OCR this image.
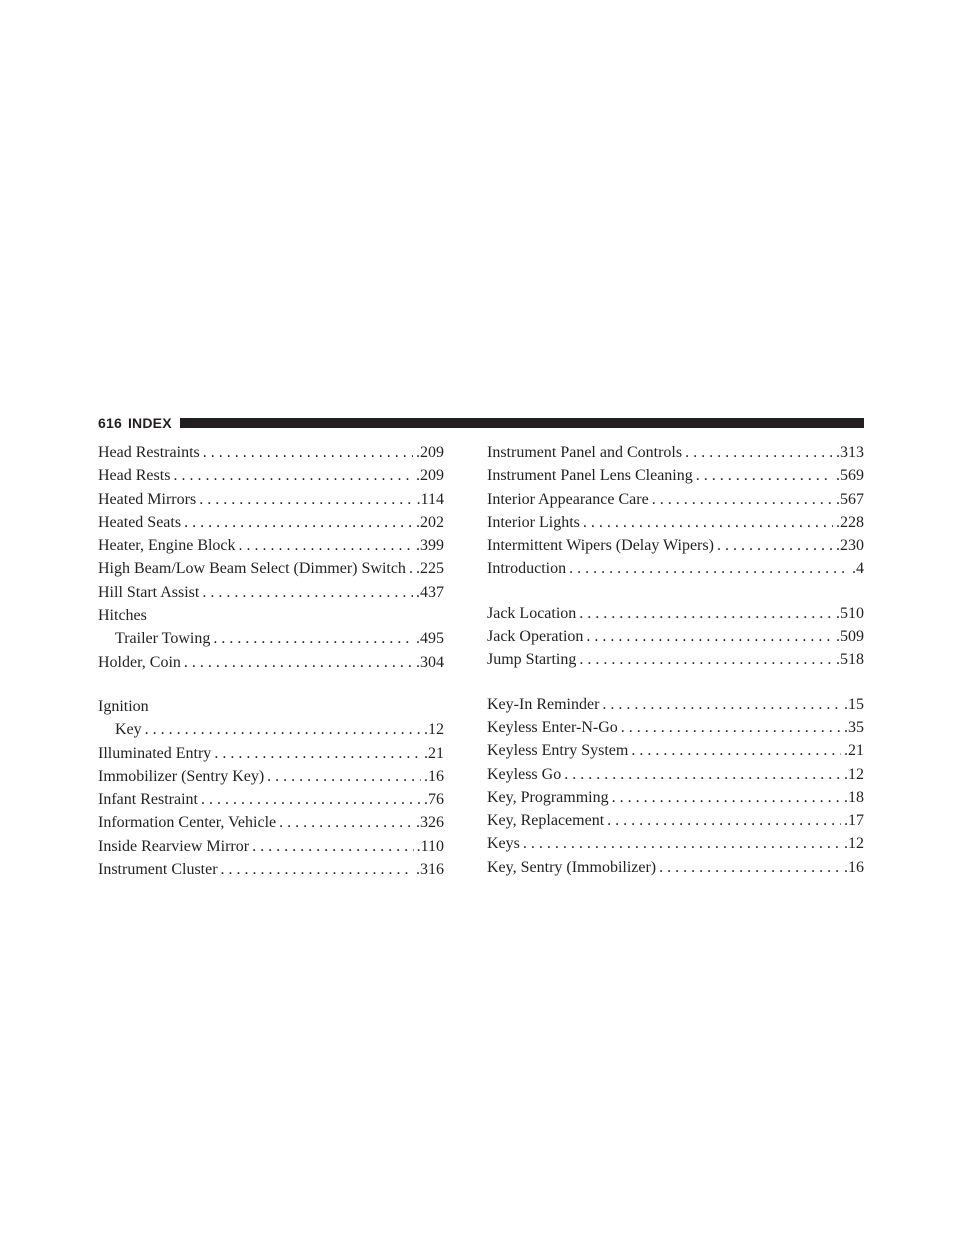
616 INDEX
Head Restraints . . .	.209
Head Rests . . .	.209
Heated Mirrors . . .	.114
Heated Seats . . .	.202
Heater, Engine Block . . .	.399
High Beam/Low Beam Select (Dimmer) Switch . . . .225
Hill Start Assist . . .	.437
Hitches
Trailer Towing . . .	.495
Holder, Coin . . .	.304
Ignition
Key . . .	.12
Illuminated Entry . . .	.21
Immobilizer (Sentry Key) . . .	.16
Infant Restraint . . .	.76
Information Center, Vehicle . . .	.326
Inside Rearview Mirror . . .	.110
Instrument Cluster . . .	.316
Instrument Panel and Controls . . .	.313
Instrument Panel Lens Cleaning . . .	.569
Interior Appearance Care . . .	.567
Interior Lights . . .	.228
Intermittent Wipers (Delay Wipers) . . .	.230
Introduction . . .	.4
Jack Location . . .	.510
Jack Operation . . .	.509
Jump Starting . . .	.518
Key-In Reminder . . .	.15
Keyless Enter-N-Go . . .	.35
Keyless Entry System . . .	.21
Keyless Go . . .	.12
Key, Programming . . .	.18
Key, Replacement . . .	.17
Keys . . .	.12
Key, Sentry (Immobilizer) . . .	.16
